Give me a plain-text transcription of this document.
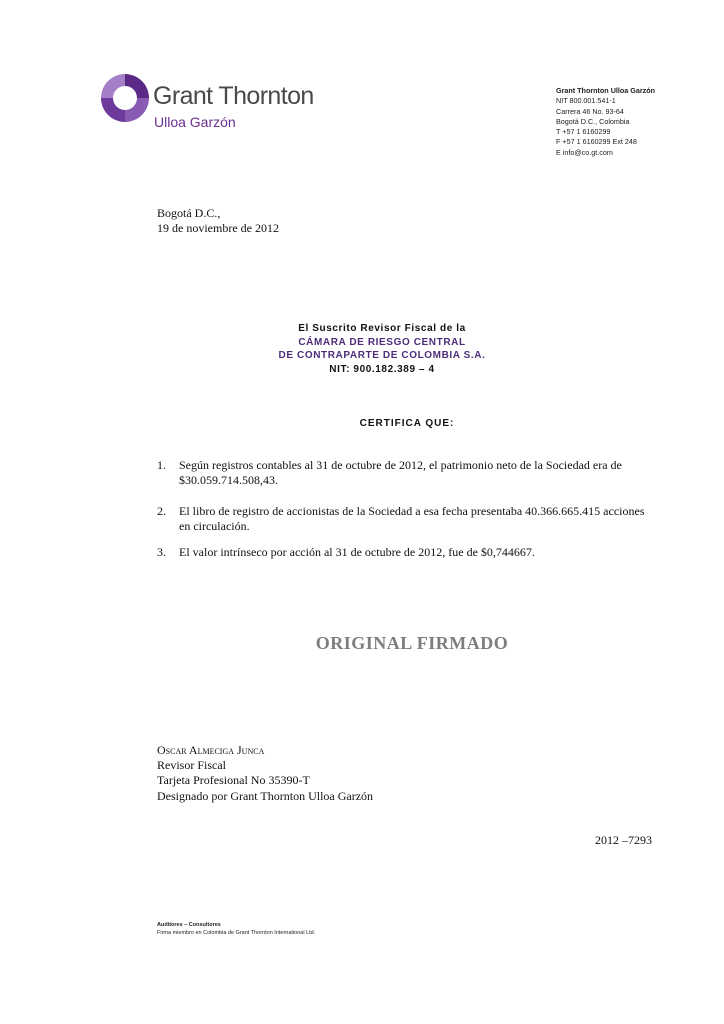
Grant Thornton
Ulloa Garzón
Grant Thornton Ulloa Garzón
NIT 800.001.541-1
Carrera 46 No. 93-64
Bogotá D.C., Colombia
T +57 1 6160299
F +57 1 6160299 Ext 248
E info@co.gt.com
Bogotá D.C.,
19 de noviembre de 2012
El Suscrito Revisor Fiscal de la
CÁMARA DE RIESGO CENTRAL
DE CONTRAPARTE DE COLOMBIA S.A.
NIT: 900.182.389 – 4
CERTIFICA QUE:
1. Según registros contables al 31 de octubre de 2012, el patrimonio neto de la Sociedad era de $30.059.714.508,43.
2. El libro de registro de accionistas de la Sociedad a esa fecha presentaba 40.366.665.415 acciones en circulación.
3. El valor intrínseco por acción al 31 de octubre de 2012, fue de $0,744667.
ORIGINAL FIRMADO
Oscar Almeciga Junca
Revisor Fiscal
Tarjeta Profesional No 35390-T
Designado por Grant Thornton Ulloa Garzón
2012 –7293
Auditores – Consultores
Firma miembro en Colombia de Grant Thornton International Ltd.
